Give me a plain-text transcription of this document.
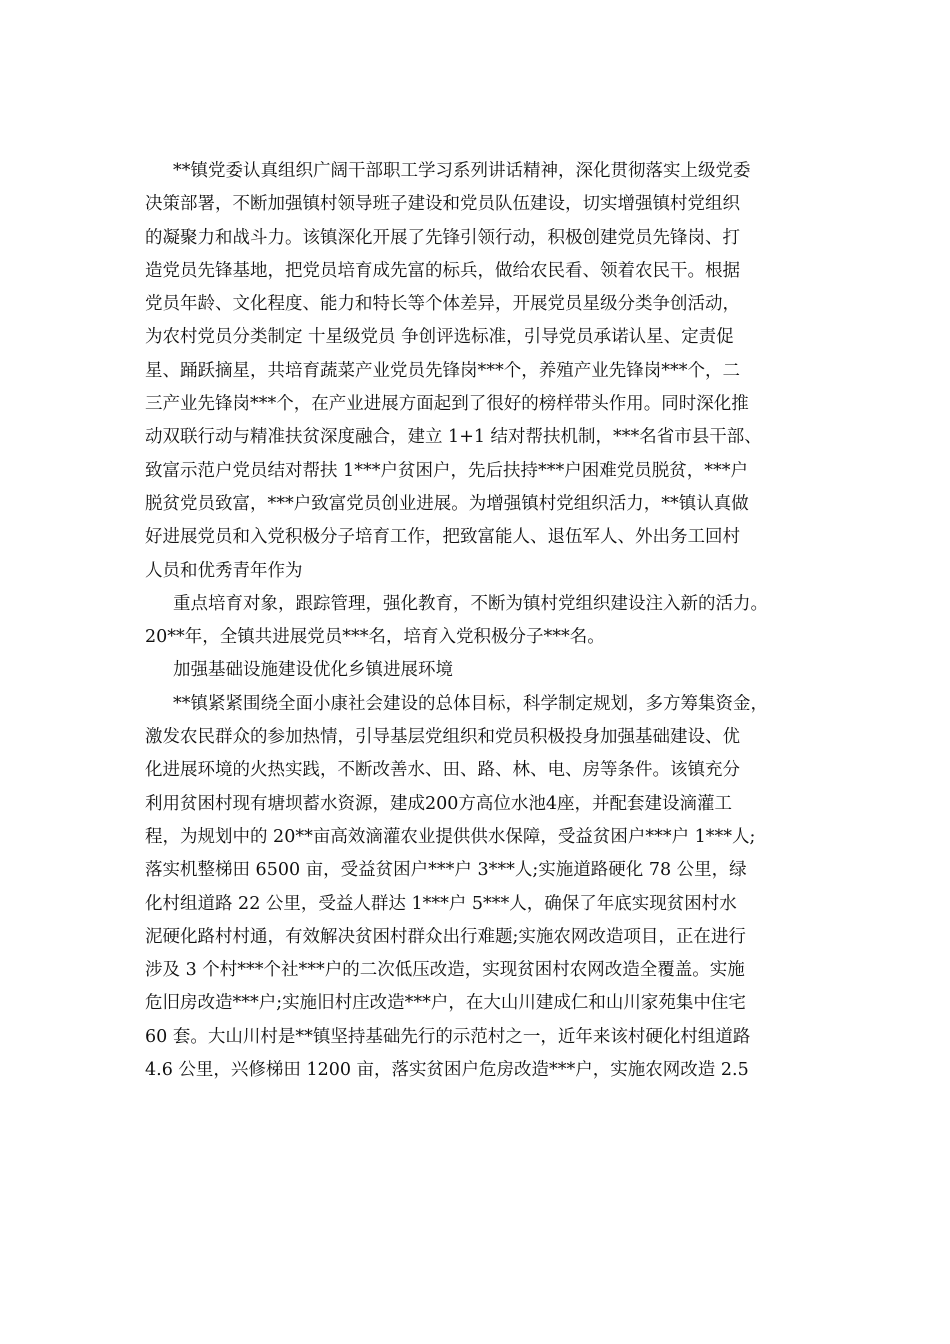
**镇党委认真组织广阔干部职工学习系列讲话精神，深化贯彻落实上级党委
决策部署，不断加强镇村领导班子建设和党员队伍建设，切实增强镇村党组织
的凝聚力和战斗力。该镇深化开展了先锋引领行动，积极创建党员先锋岗、打
造党员先锋基地，把党员培育成先富的标兵，做给农民看、领着农民干。根据
党员年龄、文化程度、能力和特长等个体差异，开展党员星级分类争创活动，
为农村党员分类制定 十星级党员 争创评选标准，引导党员承诺认星、定责促
星、踊跃摘星，共培育蔬菜产业党员先锋岗***个，养殖产业先锋岗***个，二
三产业先锋岗***个，在产业进展方面起到了很好的榜样带头作用。同时深化推
动双联行动与精准扶贫深度融合，建立 1+1 结对帮扶机制，***名省市县干部、
致富示范户党员结对帮扶 1***户贫困户，先后扶持***户困难党员脱贫，***户
脱贫党员致富，***户致富党员创业进展。为增强镇村党组织活力，**镇认真做
好进展党员和入党积极分子培育工作，把致富能人、退伍军人、外出务工回村
人员和优秀青年作为
重点培育对象，跟踪管理，强化教育，不断为镇村党组织建设注入新的活力。
20**年，全镇共进展党员***名，培育入党积极分子***名。
加强基础设施建设优化乡镇进展环境
**镇紧紧围绕全面小康社会建设的总体目标，科学制定规划，多方筹集资金，
激发农民群众的参加热情，引导基层党组织和党员积极投身加强基础建设、优
化进展环境的火热实践，不断改善水、田、路、林、电、房等条件。该镇充分
利用贫困村现有塘坝蓄水资源，建成200方高位水池4座，并配套建设滴灌工
程，为规划中的 20**亩高效滴灌农业提供供水保障，受益贫困户***户 1***人;
落实机整梯田 6500 亩，受益贫困户***户 3***人;实施道路硬化 78 公里，绿
化村组道路 22 公里，受益人群达 1***户 5***人，确保了年底实现贫困村水
泥硬化路村村通，有效解决贫困村群众出行难题;实施农网改造项目，正在进行
涉及 3 个村***个社***户的二次低压改造，实现贫困村农网改造全覆盖。实施
危旧房改造***户;实施旧村庄改造***户，在大山川建成仁和山川家苑集中住宅
60 套。大山川村是**镇坚持基础先行的示范村之一，近年来该村硬化村组道路
4.6 公里，兴修梯田 1200 亩，落实贫困户危房改造***户，实施农网改造 2.5
